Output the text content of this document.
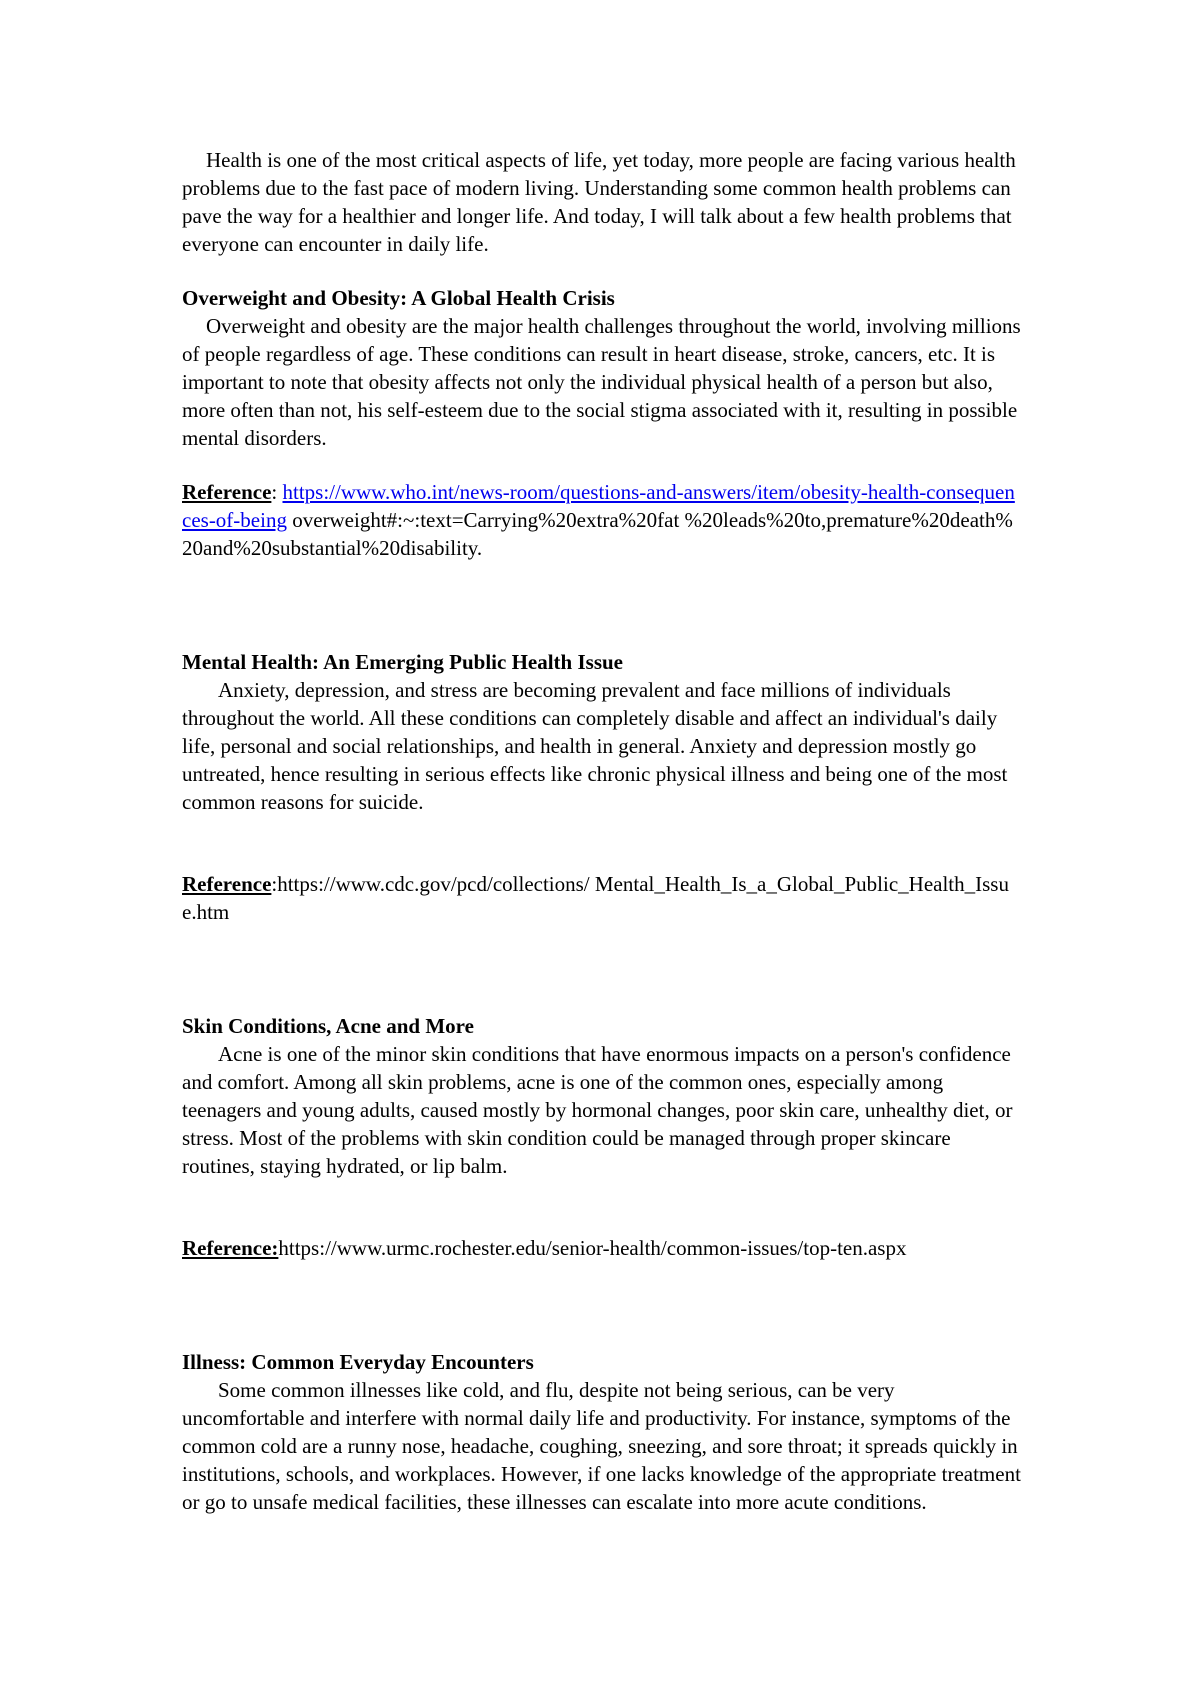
Health is one of the most critical aspects of life, yet today, more people are facing various health problems due to the fast pace of modern living. Understanding some common health problems can pave the way for a healthier and longer life. And today, I will talk about a few health problems that everyone can encounter in daily life.

Overweight and Obesity: A Global Health Crisis

Overweight and obesity are the major health challenges throughout the world, involving millions of people regardless of age. These conditions can result in heart disease, stroke, cancers, etc. It is important to note that obesity affects not only the individual physical health of a person but also, more often than not, his self-esteem due to the social stigma associated with it, resulting in possible mental disorders.

Reference: https://www.who.int/news-room/questions-and-answers/item/obesity-health-consequences-of-being overweight#:~:text=Carrying%20extra%20fat %20leads%20to,premature%20death%20and%20substantial%20disability.

Mental Health: An Emerging Public Health Issue

Anxiety, depression, and stress are becoming prevalent and face millions of individuals throughout the world. All these conditions can completely disable and affect an individual's daily life, personal and social relationships, and health in general. Anxiety and depression mostly go untreated, hence resulting in serious effects like chronic physical illness and being one of the most common reasons for suicide.

Reference:https://www.cdc.gov/pcd/collections/ Mental_Health_Is_a_Global_Public_Health_Issue.htm

Skin Conditions, Acne and More

Acne is one of the minor skin conditions that have enormous impacts on a person's confidence and comfort. Among all skin problems, acne is one of the common ones, especially among teenagers and young adults, caused mostly by hormonal changes, poor skin care, unhealthy diet, or stress. Most of the problems with skin condition could be managed through proper skincare routines, staying hydrated, or lip balm.

Reference:https://www.urmc.rochester.edu/senior-health/common-issues/top-ten.aspx

Illness: Common Everyday Encounters

Some common illnesses like cold, and flu, despite not being serious, can be very uncomfortable and interfere with normal daily life and productivity. For instance, symptoms of the common cold are a runny nose, headache, coughing, sneezing, and sore throat; it spreads quickly in institutions, schools, and workplaces. However, if one lacks knowledge of the appropriate treatment or go to unsafe medical facilities, these illnesses can escalate into more acute conditions.
